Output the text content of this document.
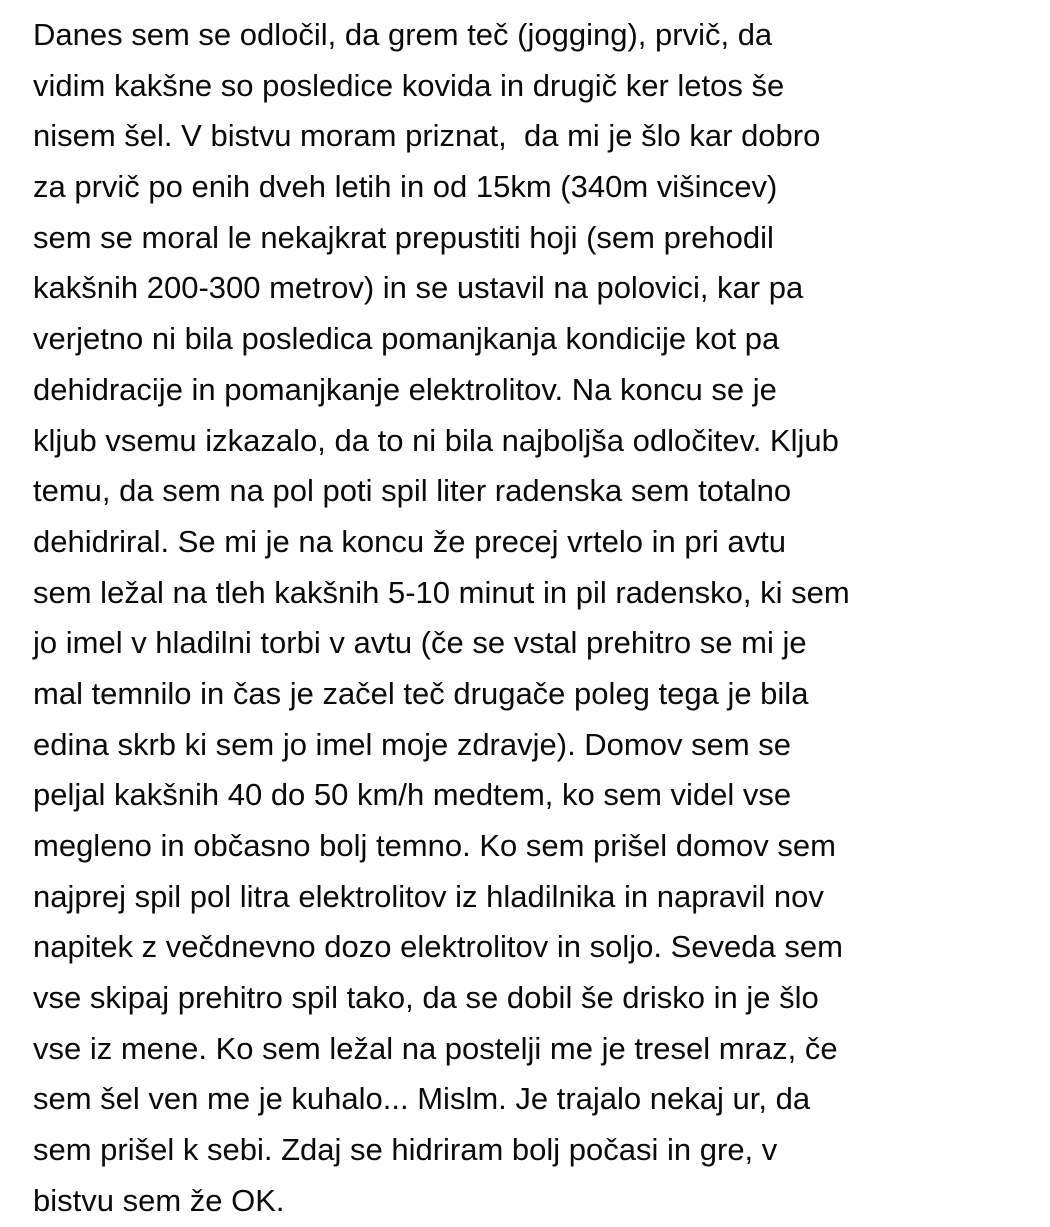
Danes sem se odločil, da grem teč (jogging), prvič, da
vidim kakšne so posledice kovida in drugič ker letos še
nisem šel. V bistvu moram priznat,  da mi je šlo kar dobro
za prvič po enih dveh letih in od 15km (340m višincev)
sem se moral le nekajkrat prepustiti hoji (sem prehodil
kakšnih 200-300 metrov) in se ustavil na polovici, kar pa
verjetno ni bila posledica pomanjkanja kondicije kot pa
dehidracije in pomanjkanje elektrolitov. Na koncu se je
kljub vsemu izkazalo, da to ni bila najboljša odločitev. Kljub
temu, da sem na pol poti spil liter radenska sem totalno
dehidriral. Se mi je na koncu že precej vrtelo in pri avtu
sem ležal na tleh kakšnih 5-10 minut in pil radensko, ki sem
jo imel v hladilni torbi v avtu (če se vstal prehitro se mi je
mal temnilo in čas je začel teč drugače poleg tega je bila
edina skrb ki sem jo imel moje zdravje). Domov sem se
peljal kakšnih 40 do 50 km/h medtem, ko sem videl vse
megleno in občasno bolj temno. Ko sem prišel domov sem
najprej spil pol litra elektrolitov iz hladilnika in napravil nov
napitek z večdnevno dozo elektrolitov in soljo. Seveda sem
vse skipaj prehitro spil tako, da se dobil še drisko in je šlo
vse iz mene. Ko sem ležal na postelji me je tresel mraz, če
sem šel ven me je kuhalo... Mislm. Je trajalo nekaj ur, da
sem prišel k sebi. Zdaj se hidriram bolj počasi in gre, v
bistvu sem že OK.
